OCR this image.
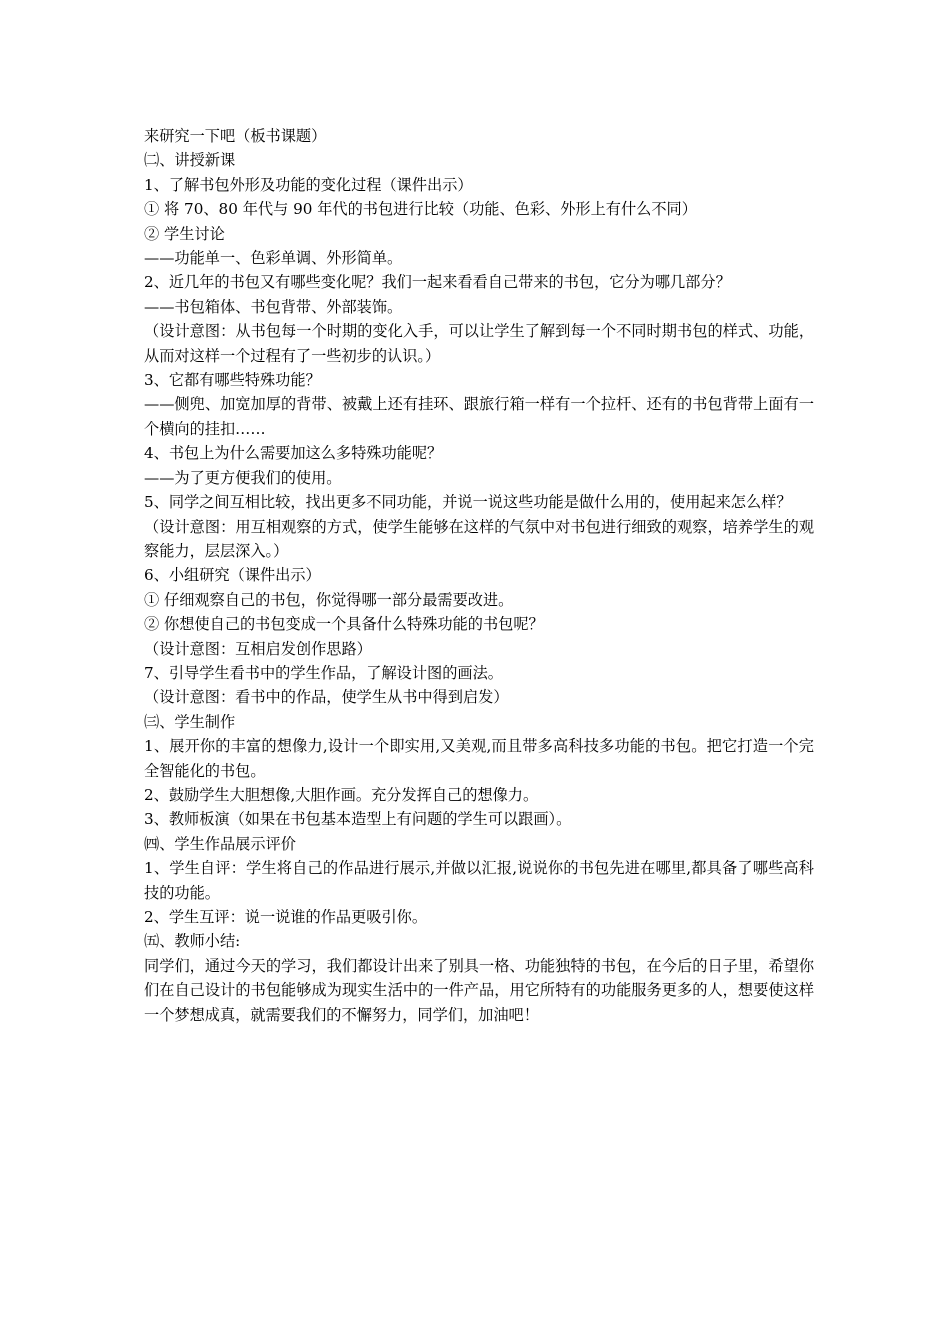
来研究一下吧（板书课题）
㈡、讲授新课
1、了解书包外形及功能的变化过程（课件出示）
① 将 70、80 年代与 90 年代的书包进行比较（功能、色彩、外形上有什么不同）
② 学生讨论
——功能单一、色彩单调、外形简单。
2、近几年的书包又有哪些变化呢？我们一起来看看自己带来的书包，它分为哪几部分？
——书包箱体、书包背带、外部装饰。
（设计意图：从书包每一个时期的变化入手，可以让学生了解到每一个不同时期书包的样式、功能，从而对这样一个过程有了一些初步的认识。）
3、它都有哪些特殊功能？
——侧兜、加宽加厚的背带、被戴上还有挂环、跟旅行箱一样有一个拉杆、还有的书包背带上面有一个横向的挂扣……
4、书包上为什么需要加这么多特殊功能呢？
——为了更方便我们的使用。
5、同学之间互相比较，找出更多不同功能，并说一说这些功能是做什么用的，使用起来怎么样？
（设计意图：用互相观察的方式，使学生能够在这样的气氛中对书包进行细致的观察，培养学生的观察能力，层层深入。）
6、小组研究（课件出示）
① 仔细观察自己的书包，你觉得哪一部分最需要改进。
② 你想使自己的书包变成一个具备什么特殊功能的书包呢？
（设计意图：互相启发创作思路）
7、引导学生看书中的学生作品，了解设计图的画法。
（设计意图：看书中的作品，使学生从书中得到启发）
㈢、学生制作
1、展开你的丰富的想像力,设计一个即实用,又美观,而且带多高科技多功能的书包。把它打造一个完全智能化的书包。
2、鼓励学生大胆想像,大胆作画。充分发挥自己的想像力。
3、教师板演（如果在书包基本造型上有问题的学生可以跟画）。
㈣、学生作品展示评价
1、学生自评：学生将自己的作品进行展示,并做以汇报,说说你的书包先进在哪里,都具备了哪些高科技的功能。
2、学生互评：说一说谁的作品更吸引你。
㈤、教师小结:
同学们，通过今天的学习，我们都设计出来了别具一格、功能独特的书包，在今后的日子里，希望你们在自己设计的书包能够成为现实生活中的一件产品，用它所特有的功能服务更多的人，想要使这样一个梦想成真，就需要我们的不懈努力，同学们，加油吧！
